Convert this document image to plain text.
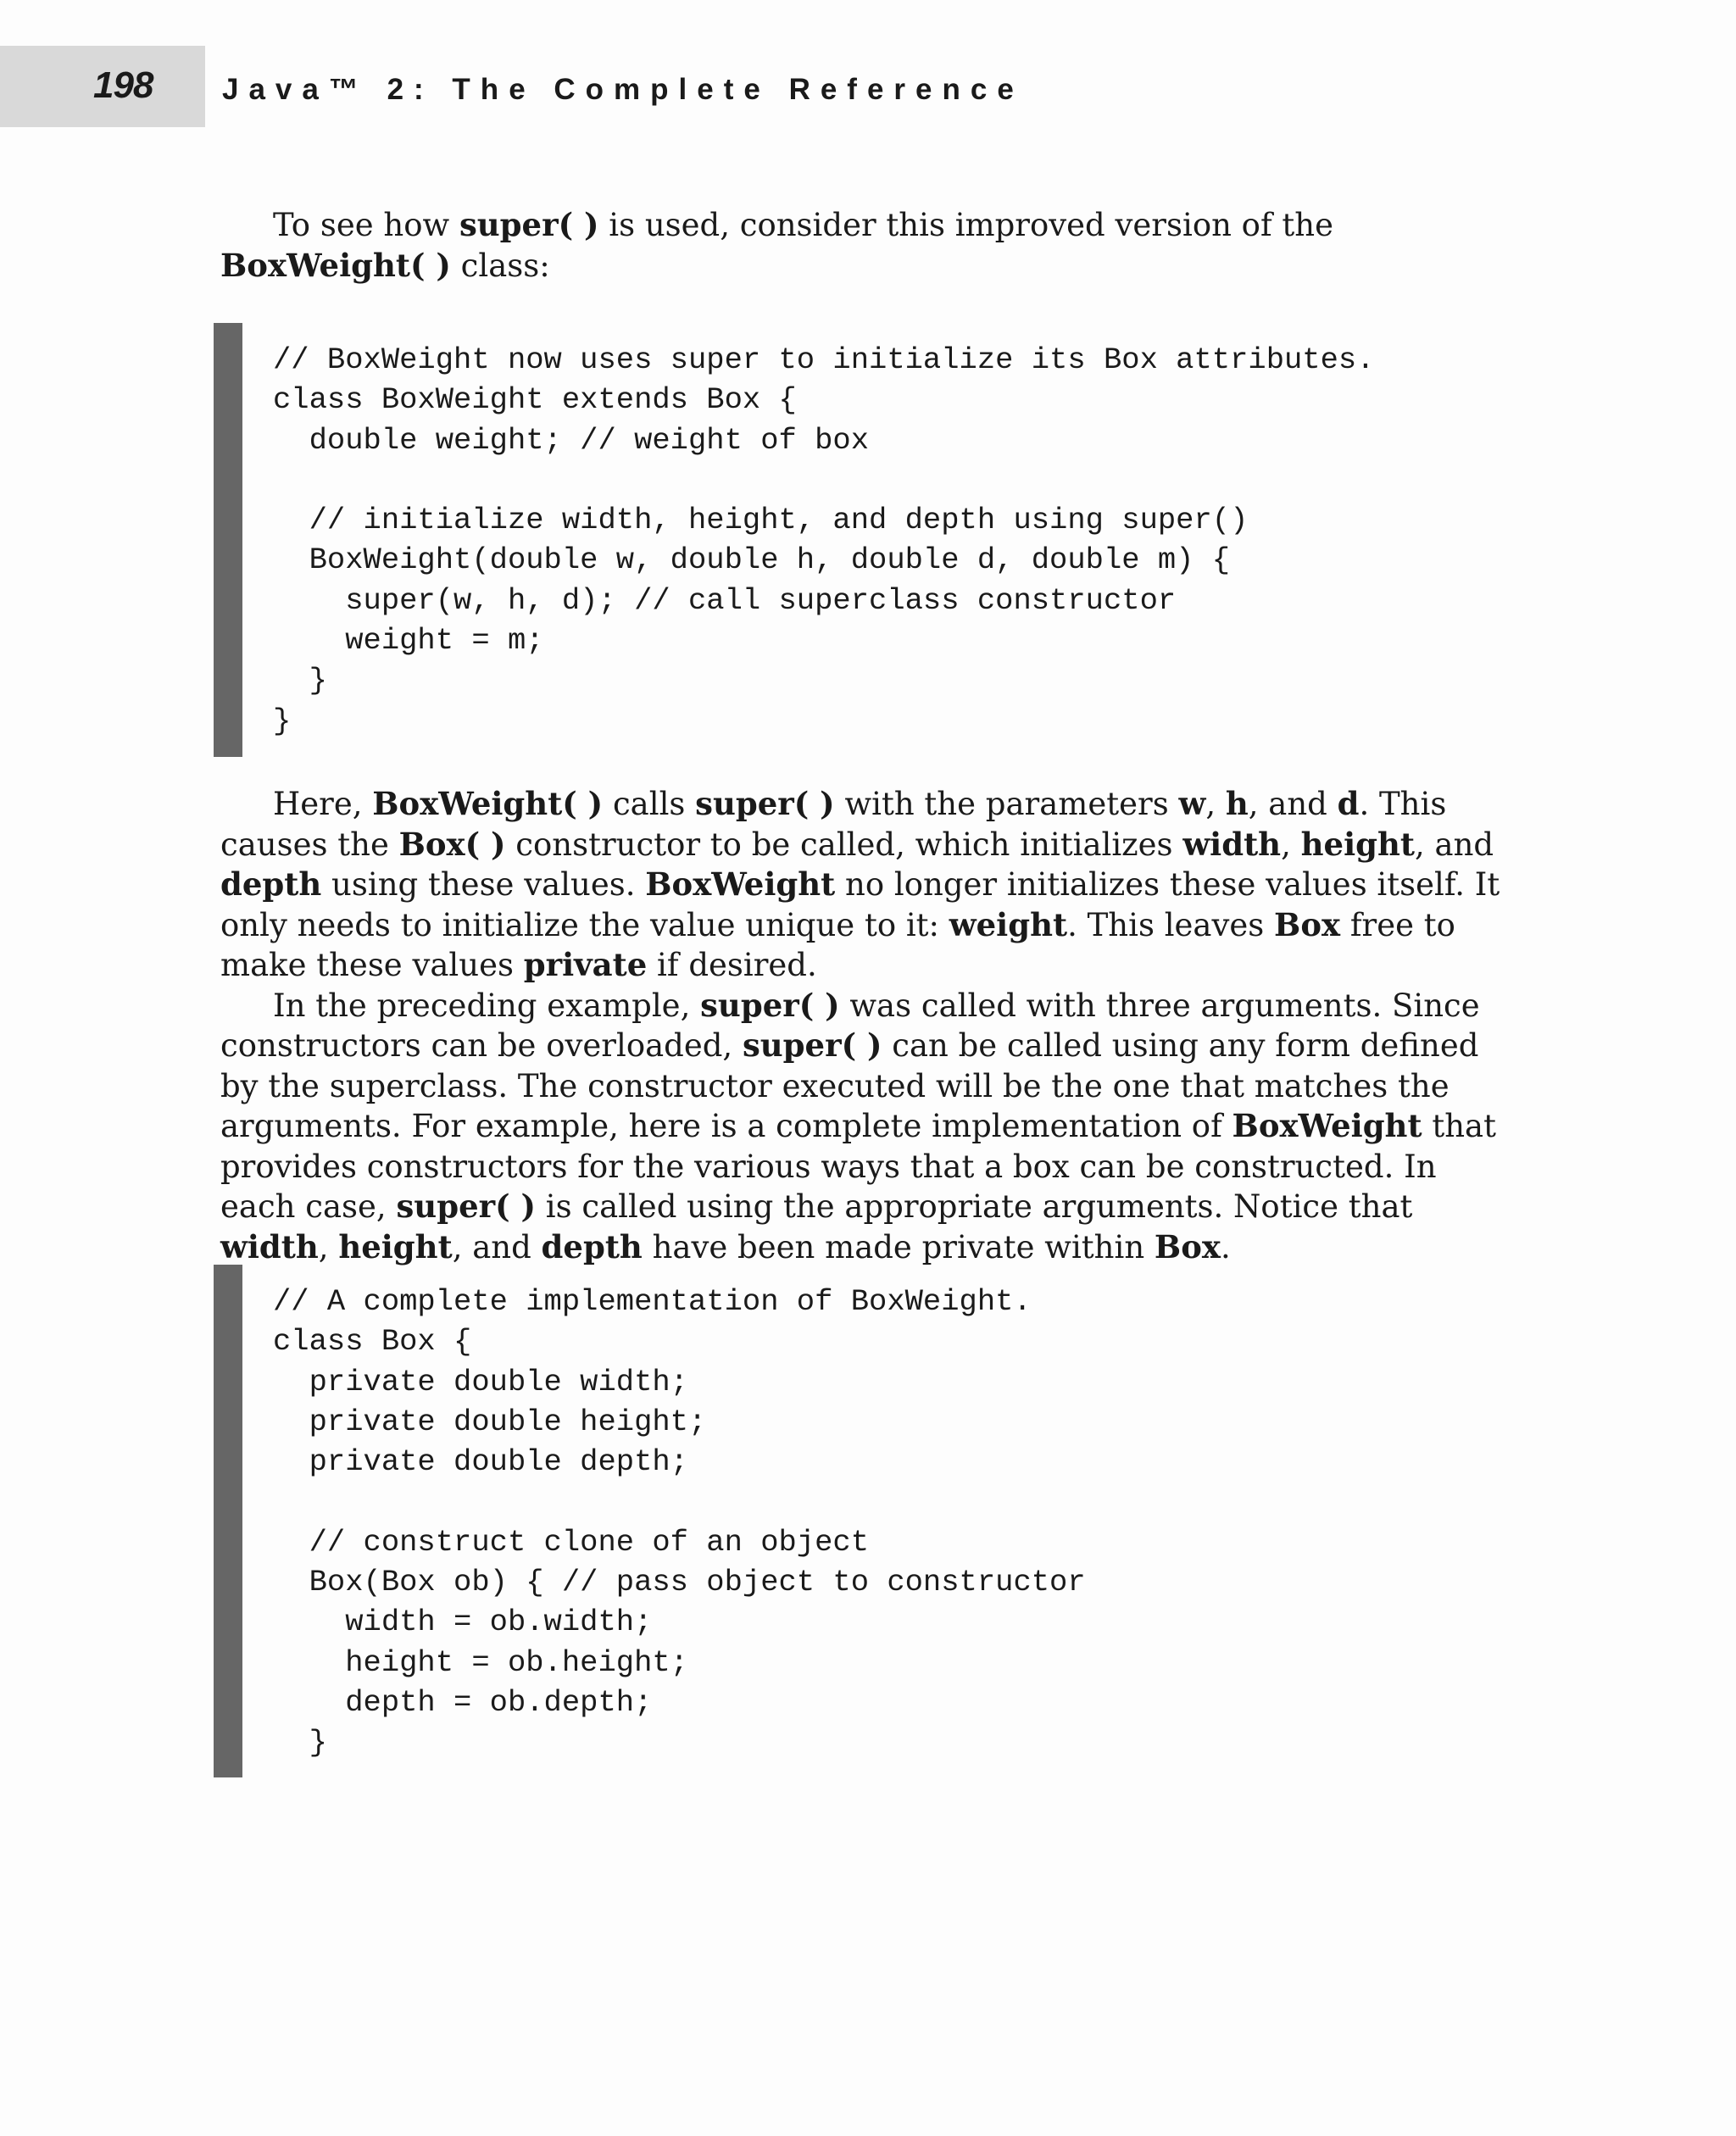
198 Java™ 2: The Complete Reference

To see how super( ) is used, consider this improved version of the BoxWeight( ) class:

// BoxWeight now uses super to initialize its Box attributes.
class BoxWeight extends Box {
double weight; // weight of box

// initialize width, height, and depth using super()
BoxWeight(double w, double h, double d, double m) {
super(w, h, d); // call superclass constructor
weight = m;
}
}

Here, BoxWeight( ) calls super( ) with the parameters w, h, and d. This causes the Box( ) constructor to be called, which initializes width, height, and depth using these values. BoxWeight no longer initializes these values itself. It only needs to initialize the value unique to it: weight. This leaves Box free to make these values private if desired.

In the preceding example, super( ) was called with three arguments. Since constructors can be overloaded, super( ) can be called using any form defined by the superclass. The constructor executed will be the one that matches the arguments. For example, here is a complete implementation of BoxWeight that provides constructors for the various ways that a box can be constructed. In each case, super( ) is called using the appropriate arguments. Notice that width, height, and depth have been made private within Box.

// A complete implementation of BoxWeight.
class Box {
private double width;
private double height;
private double depth;

// construct clone of an object
Box(Box ob) { // pass object to constructor
width = ob.width;
height = ob.height;
depth = ob.depth;
}
